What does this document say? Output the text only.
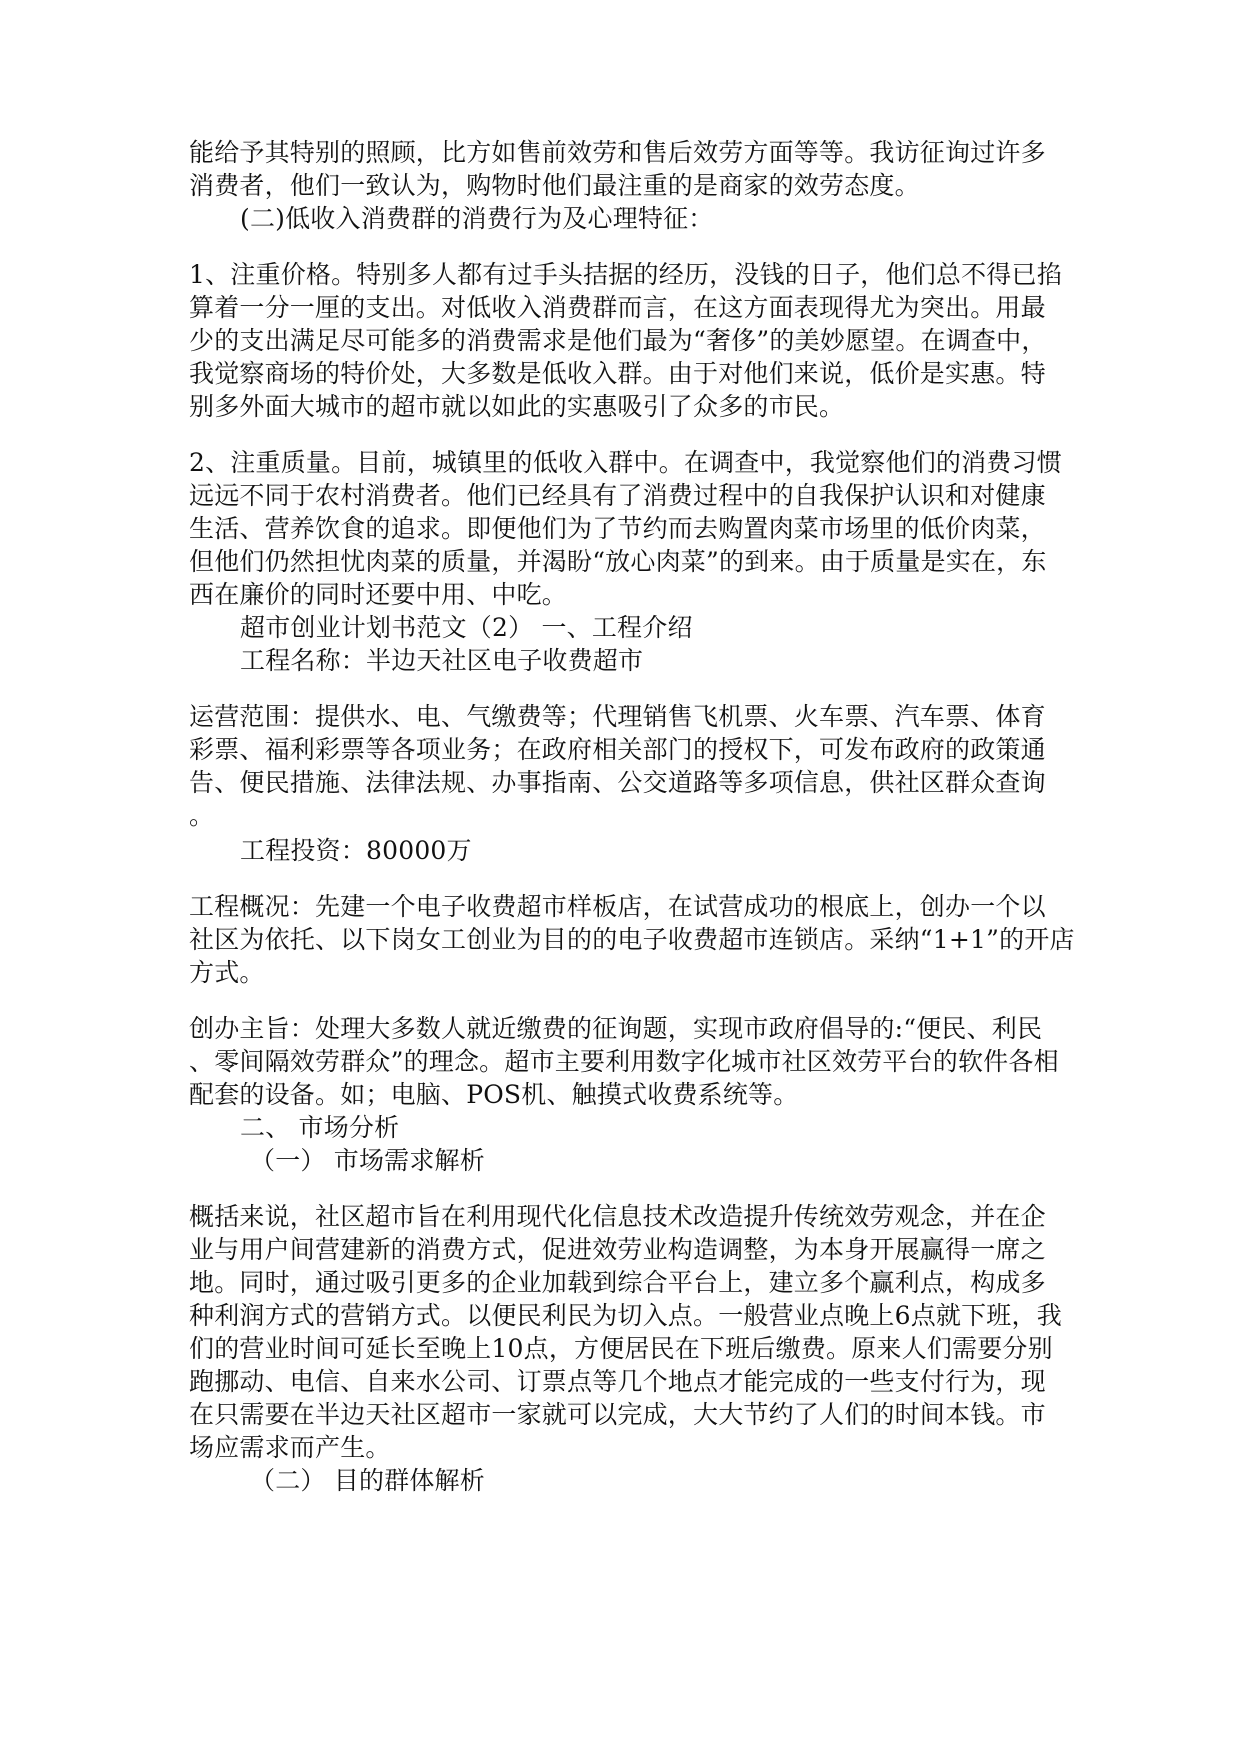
能给予其特别的照顾，比方如售前效劳和售后效劳方面等等。我访征询过许多

消费者，他们一致认为，购物时他们最注重的是商家的效劳态度。

(二)低收入消费群的消费行为及心理特征：

1、注重价格。特别多人都有过手头拮据的经历，没钱的日子，他们总不得已掐

算着一分一厘的支出。对低收入消费群而言，在这方面表现得尤为突出。用最

少的支出满足尽可能多的消费需求是他们最为“奢侈”的美妙愿望。在调查中，

我觉察商场的特价处，大多数是低收入群。由于对他们来说，低价是实惠。特

别多外面大城市的超市就以如此的实惠吸引了众多的市民。

2、注重质量。目前，城镇里的低收入群中。在调查中，我觉察他们的消费习惯

远远不同于农村消费者。他们已经具有了消费过程中的自我保护认识和对健康

生活、营养饮食的追求。即便他们为了节约而去购置肉菜市场里的低价肉菜，

但他们仍然担忧肉菜的质量，并渴盼“放心肉菜”的到来。由于质量是实在，东

西在廉价的同时还要中用、中吃。

超市创业计划书范文（2） 一、工程介绍

工程名称：半边天社区电子收费超市

运营范围：提供水、电、气缴费等；代理销售飞机票、火车票、汽车票、体育

彩票、福利彩票等各项业务；在政府相关部门的授权下，可发布政府的政策通

告、便民措施、法律法规、办事指南、公交道路等多项信息，供社区群众查询

。

工程投资：80000万

工程概况：先建一个电子收费超市样板店，在试营成功的根底上，创办一个以

社区为依托、以下岗女工创业为目的的电子收费超市连锁店。采纳“1+1”的开店

方式。

创办主旨：处理大多数人就近缴费的征询题，实现市政府倡导的:“便民、利民

、零间隔效劳群众”的理念。超市主要利用数字化城市社区效劳平台的软件各相

配套的设备。如；电脑、POS机、触摸式收费系统等。

二、 市场分析

（一） 市场需求解析

概括来说，社区超市旨在利用现代化信息技术改造提升传统效劳观念，并在企

业与用户间营建新的消费方式，促进效劳业构造调整，为本身开展赢得一席之

地。同时，通过吸引更多的企业加载到综合平台上，建立多个赢利点，构成多

种利润方式的营销方式。以便民利民为切入点。一般营业点晚上6点就下班，我

们的营业时间可延长至晚上10点，方便居民在下班后缴费。原来人们需要分别

跑挪动、电信、自来水公司、订票点等几个地点才能完成的一些支付行为，现

在只需要在半边天社区超市一家就可以完成，大大节约了人们的时间本钱。市

场应需求而产生。

（二） 目的群体解析
